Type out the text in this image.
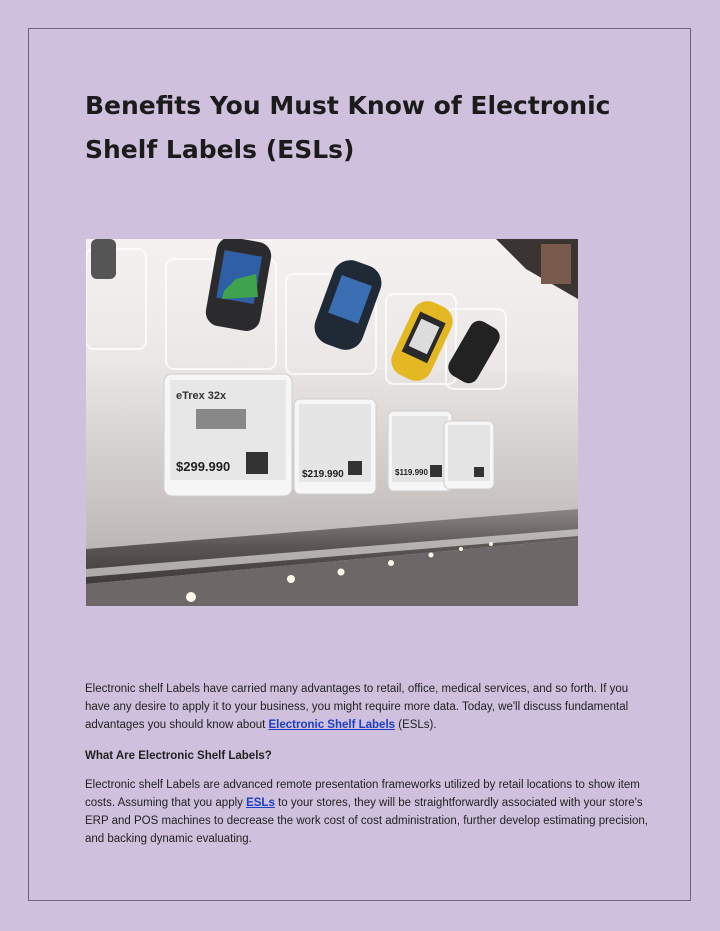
Benefits You Must Know of Electronic Shelf Labels (ESLs)
eTrex 32x
$299.990
$219.990	$119.990

Electronic shelf Labels have carried many advantages to retail, office, medical services, and so forth. If you have any desire to apply it to your business, you might require more data. Today, we'll discuss fundamental advantages you should know about Electronic Shelf Labels (ESLs).

What Are Electronic Shelf Labels?

Electronic shelf Labels are advanced remote presentation frameworks utilized by retail locations to show item costs. Assuming that you apply ESLs to your stores, they will be straightforwardly associated with your store's ERP and POS machines to decrease the work cost of cost administration, further develop estimating precision, and backing dynamic evaluating.
